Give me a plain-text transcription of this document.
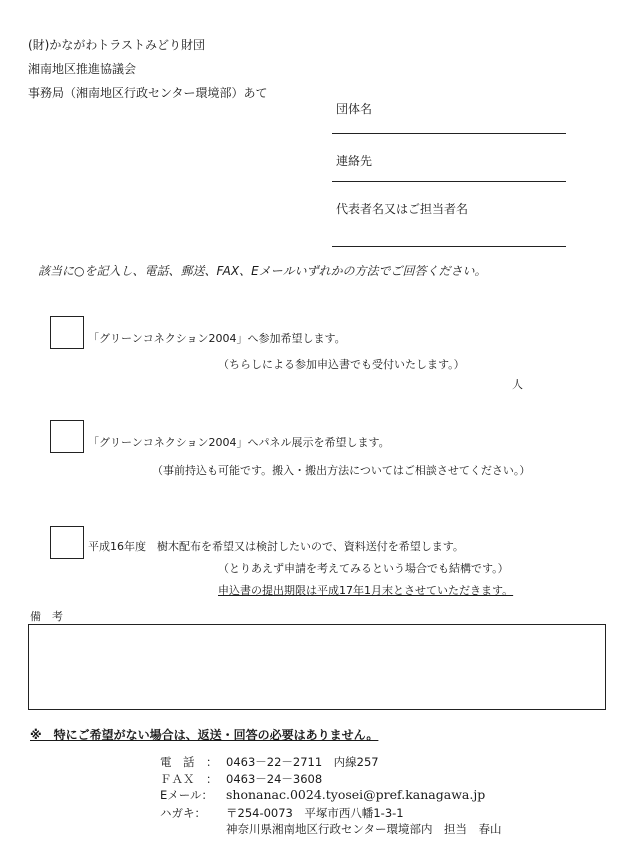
(財)かながわトラストみどり財団
湘南地区推進協議会
事務局（湘南地区行政センター環境部）あて
団体名
連絡先
代表者名又はご担当者名
該当に○を記入し、電話、郵送、FAX、Eメールいずれかの方法でご回答ください。
「グリーンコネクション2004」へ参加希望します。
（ちらしによる参加申込書でも受付いたします。）
人
「グリーンコネクション2004」へパネル展示を希望します。
（事前持込も可能です。搬入・搬出方法についてはご相談させてください。）
平成16年度　樹木配布を希望又は検討したいので、資料送付を希望します。
（とりあえず申請を考えてみるという場合でも結構です。）
申込書の提出期限は平成17年1月末とさせていただきます。
備　考
※　特にご希望がない場合は、返送・回答の必要はありません。
電　話　： 0463－22－2711　内線257
ＦＡＸ　： 0463－24－3608
Eメール： shonanac.0024.tyosei@pref.kanagawa.jp
ハガキ： 〒254-0073　平塚市西八幡1-3-1
神奈川県湘南地区行政センター環境部内　担当　春山
